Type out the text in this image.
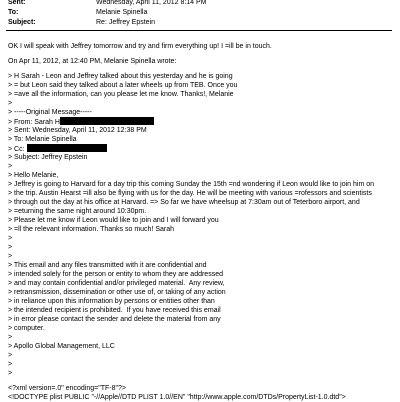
Sent:	Wednesday, April 11, 2012 8:14 PM
To:	Melanie Spinella
Subject:	Re: Jeffrey Epstein
OK I will speak with Jeffrey tomorrow and try and firm everything up! I =ill be in touch.
On Apr 11, 2012, at 12:40 PM, Melanie Spinella wrote:
> H Sarah - Leon and Jeffrey talked about this yesterday and he is going
> = but Leon said they talked about a later wheels up from TEB. Once you
> =ave all the information, can you please let me know. Thanks!, Melanie
>
> -----Original Message-----
> From: Sarah H
> Sent: Wednesday, April 11, 2012 12:38 PM
> To: Melanie Spinella
> Cc:
> Subject: Jeffrey Epstein
>
> Hello Melanie,
> Jeffrey is going to Harvard for a day trip this coming Sunday the 15th =nd wondering if Leon would like to join him on
> the trip. Austin Hearst =ill also be flying with us for the day. He will be meeting with various =rofessors and scientists
> through out the day at his office at Harvard. => So far we have wheelsup at 7:30am out of Teterboro airport, and
> =eturning the same night around 10:30pm.
> Please let me know if Leon would like to join and I will forward you
> =ll the relevant information. Thanks so much! Sarah
>
>
>
> This email and any files transmitted with it are confidential and
> intended solely for the person or entity to whom they are addressed
> and may contain confidential and/or privileged material.  Any review,
> retransmission, dissemination or other use of, or taking of any action
> in reliance upon this information by persons or entities other than
> the intended recipient is prohibited.  If you have received this email
> in error please contact the sender and delete the material from any
> computer.
>
> Apollo Global Management, LLC
>
>
>
<?xml version=.0" encoding="TF-8"?>
<!DOCTYPE plist PUBLIC "-//Apple//DTD PLIST 1.0//EN" "http://www.apple.com/DTDs/PropertyList-1.0.dtd">
